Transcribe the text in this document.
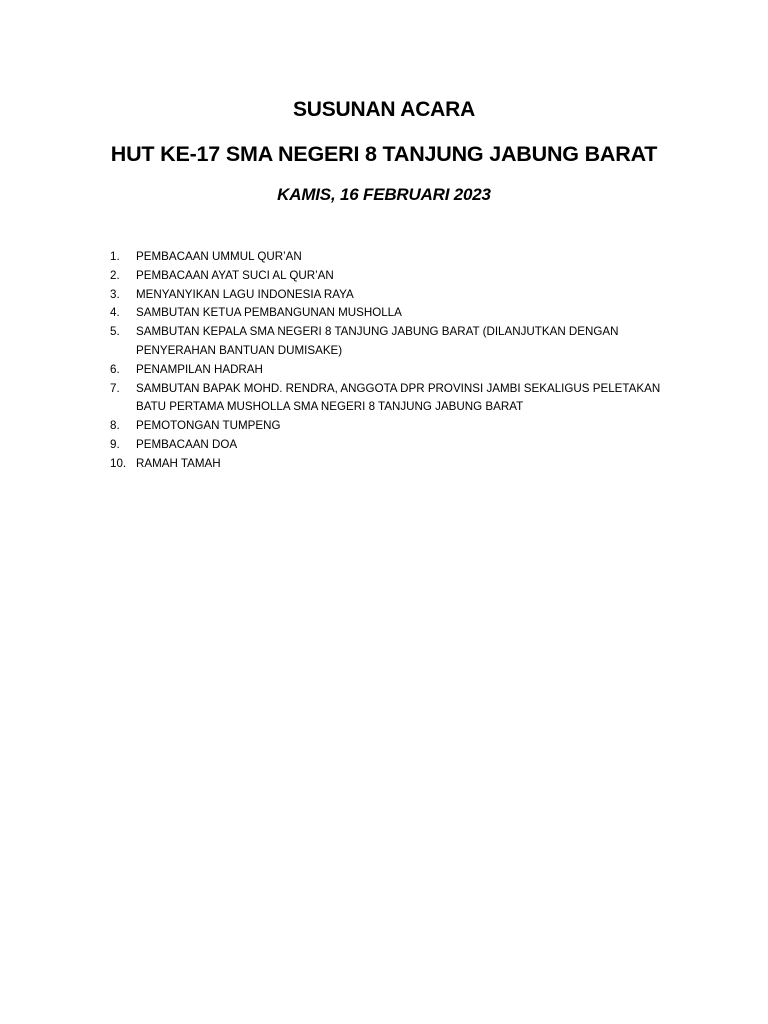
SUSUNAN ACARA
HUT KE-17 SMA NEGERI 8 TANJUNG JABUNG BARAT
KAMIS, 16 FEBRUARI 2023
1.	PEMBACAAN UMMUL QUR’AN
2.	PEMBACAAN AYAT SUCI AL QUR’AN
3.	MENYANYIKAN LAGU INDONESIA RAYA
4.	SAMBUTAN KETUA PEMBANGUNAN MUSHOLLA
5.	SAMBUTAN KEPALA SMA NEGERI 8 TANJUNG JABUNG BARAT (DILANJUTKAN DENGAN PENYERAHAN BANTUAN DUMISAKE)
6.	PENAMPILAN HADRAH
7.	SAMBUTAN BAPAK MOHD. RENDRA, ANGGOTA DPR PROVINSI JAMBI SEKALIGUS PELETAKAN BATU PERTAMA MUSHOLLA SMA NEGERI 8 TANJUNG JABUNG BARAT
8.	PEMOTONGAN TUMPENG
9.	PEMBACAAN DOA
10. RAMAH TAMAH
